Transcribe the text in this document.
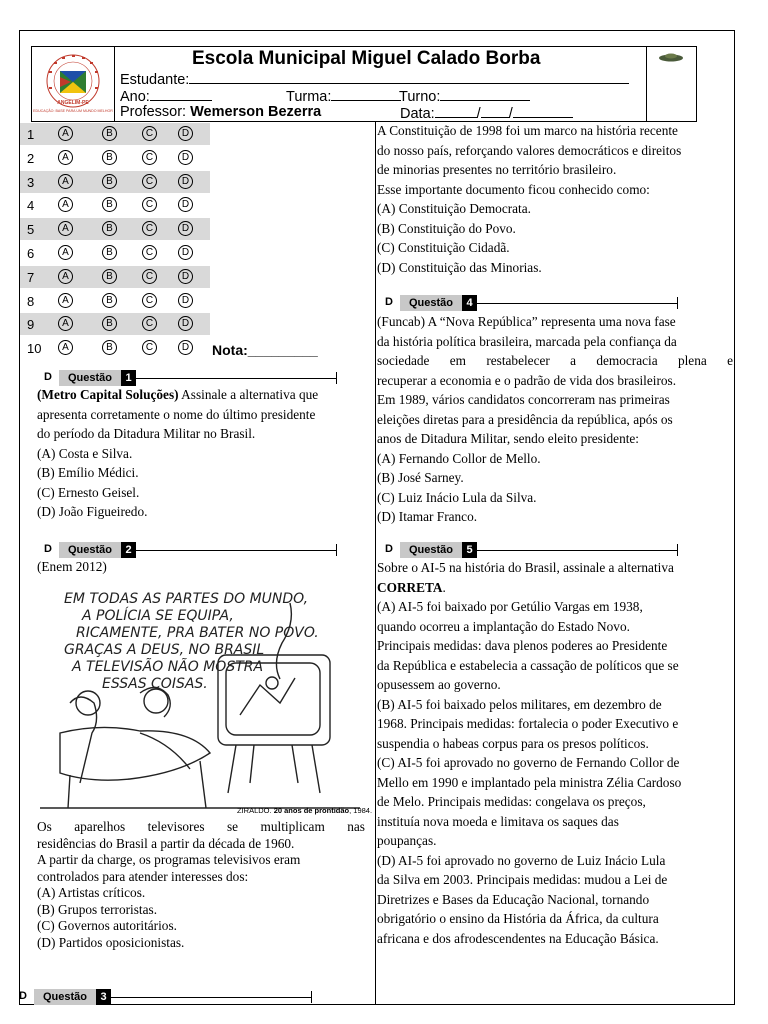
ANGELIM-PE
EDUCAÇÃO: BASE PARA UM MUNDO MELHOR
Escola Municipal Miguel Calado Borba
Estudante:
Ano:	Turma:	Turno:
Professor: Wemerson Bezerra	Data:	/ /
1	A	B	C	D
2	A	B	C	D
3	A	B	C	D
4	A	B	C	D
5	A	B	C	D
6	A	B	C	D
7	A	B	C	D
8	A	B	C	D
9	A	B	C	D
10	A	B	C	D Nota:_________
D	Questão	1
(Metro Capital Soluções) Assinale a alternativa que
apresenta corretamente o nome do último presidente
do período da Ditadura Militar no Brasil.
(A) Costa e Silva.
(B) Emílio Médici.
(C) Ernesto Geisel.
(D) João Figueiredo.
D	Questão	2
(Enem 2012)
EM TODAS AS PARTES DO MUNDO,
A POLÍCIA SE EQUIPA,
RICAMENTE, PRA BATER NO POVO.
GRAÇAS A DEUS, NO BRASIL
A TELEVISÃO NÃO MOSTRA
ESSAS COISAS.
ZIRALDO. 20 anos de prontidão, 1984.
Os aparelhos televisores se multiplicam nas
residências do Brasil a partir da década de 1960.
A partir da charge, os programas televisivos eram
controlados para atender interesses dos:
(A) Artistas críticos.
(B) Grupos terroristas.
(C) Governos autoritários.
(D) Partidos oposicionistas.
D	Questão	3
A Constituição de 1998 foi um marco na história recente
do nosso país, reforçando valores democráticos e direitos
de minorias presentes no território brasileiro.
Esse importante documento ficou conhecido como:
(A) Constituição Democrata.
(B) Constituição do Povo.
(C) Constituição Cidadã.
(D) Constituição das Minorias.
D	Questão	4
(Funcab) A “Nova República” representa uma nova fase
da história política brasileira, marcada pela confiança da
sociedade em restabelecer a democracia plena e
recuperar a economia e o padrão de vida dos brasileiros.
Em 1989, vários candidatos concorreram nas primeiras
eleições diretas para a presidência da república, após os
anos de Ditadura Militar, sendo eleito presidente:
(A) Fernando Collor de Mello.
(B) José Sarney.
(C) Luiz Inácio Lula da Silva.
(D) Itamar Franco.
D	Questão	5
Sobre o AI-5 na história do Brasil, assinale a alternativa
CORRETA.
(A) AI-5 foi baixado por Getúlio Vargas em 1938,
quando ocorreu a implantação do Estado Novo.
Principais medidas: dava plenos poderes ao Presidente
da República e estabelecia a cassação de políticos que se
opusessem ao governo.
(B) AI-5 foi baixado pelos militares, em dezembro de
1968. Principais medidas: fortalecia o poder Executivo e
suspendia o habeas corpus para os presos políticos.
(C) AI-5 foi aprovado no governo de Fernando Collor de
Mello em 1990 e implantado pela ministra Zélia Cardoso
de Melo. Principais medidas: congelava os preços,
instituía nova moeda e limitava os saques das
poupanças.
(D) AI-5 foi aprovado no governo de Luiz Inácio Lula
da Silva em 2003. Principais medidas: mudou a Lei de
Diretrizes e Bases da Educação Nacional, tornando
obrigatório o ensino da História da África, da cultura
africana e dos afrodescendentes na Educação Básica.
